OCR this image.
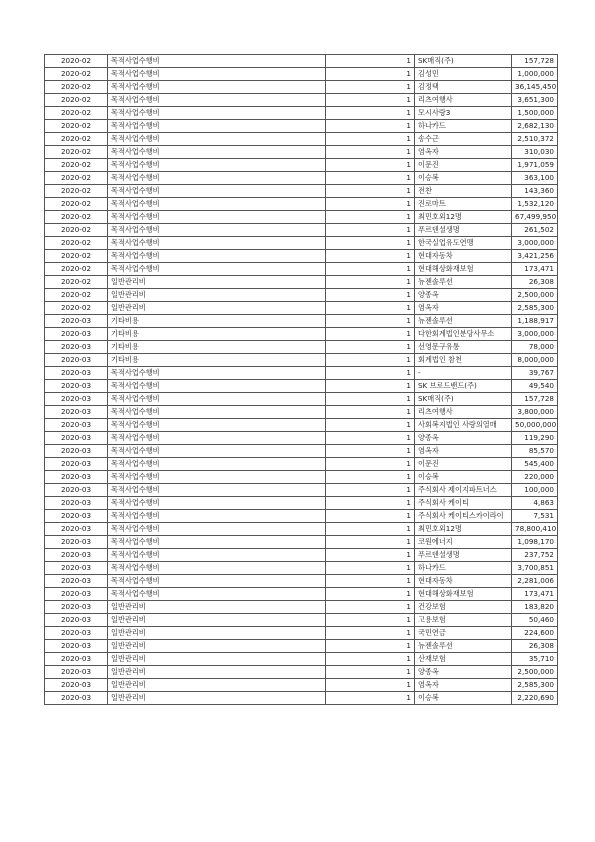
2020-02	목적사업수행비	1	SK매직(주)	157,728
2020-02	목적사업수행비	1	김성민	1,000,000
2020-02	목적사업수행비	1	김정택	36,145,450
2020-02	목적사업수행비	1	리츠여행사	3,651,300
2020-02	목적사업수행비	1	모시사랑3	1,500,000
2020-02	목적사업수행비	1	하나카드	2,682,130
2020-02	목적사업수행비	1	송수근	2,510,372
2020-02	목적사업수행비	1	염옥자	310,030
2020-02	목적사업수행비	1	이문진	1,971,059
2020-02	목적사업수행비	1	이승복	363,100
2020-02	목적사업수행비	1	전찬	143,360
2020-02	목적사업수행비	1	진로마트	1,532,120
2020-02	목적사업수행비	1	최민호외12명	67,499,950
2020-02	목적사업수행비	1	푸르덴셜생명	261,502
2020-02	목적사업수행비	1	한국실업유도연맹	3,000,000
2020-02	목적사업수행비	1	현대자동차	3,421,256
2020-02	목적사업수행비	1	현대해상화재보험	173,471
2020-02	일반관리비	1	뉴젠솔루션	26,308
2020-02	일반관리비	1	양종옥	2,500,000
2020-02	일반관리비	1	염옥자	2,585,300
2020-03	기타비용	1	뉴젠솔루션	1,188,917
2020-03	기타비용	1	다한회계법인분당사무소	3,000,000
2020-03	기타비용	1	선영문구유통	78,000
2020-03	기타비용	1	회계법인 참천	8,000,000
2020-03	목적사업수행비	1	-	39,767
2020-03	목적사업수행비	1	SK 브로드밴드(주)	49,540
2020-03	목적사업수행비	1	SK매직(주)	157,728
2020-03	목적사업수행비	1	리츠여행사	3,800,000
2020-03	목적사업수행비	1	사회복지법인 사랑의열매	50,000,000
2020-03	목적사업수행비	1	양종옥	119,290
2020-03	목적사업수행비	1	염옥자	85,570
2020-03	목적사업수행비	1	이문진	545,400
2020-03	목적사업수행비	1	이승복	220,000
2020-03	목적사업수행비	1	주식회사 제이지파트너스	100,000
2020-03	목적사업수행비	1	주식회사 케이티	4,863
2020-03	목적사업수행비	1	주식회사 케이티스카이라이	7,531
2020-03	목적사업수행비	1	최민호외12명	78,800,410
2020-03	목적사업수행비	1	코원에너지	1,098,170
2020-03	목적사업수행비	1	푸르덴셜생명	237,752
2020-03	목적사업수행비	1	하나카드	3,700,851
2020-03	목적사업수행비	1	현대자동차	2,281,006
2020-03	목적사업수행비	1	현대해상화재보험	173,471
2020-03	일반관리비	1	건강보험	183,820
2020-03	일반관리비	1	고용보험	50,460
2020-03	일반관리비	1	국민연금	224,600
2020-03	일반관리비	1	뉴젠솔루션	26,308
2020-03	일반관리비	1	산재보험	35,710
2020-03	일반관리비	1	양종옥	2,500,000
2020-03	일반관리비	1	염옥자	2,585,300
2020-03	일반관리비	1	이승복	2,220,690
